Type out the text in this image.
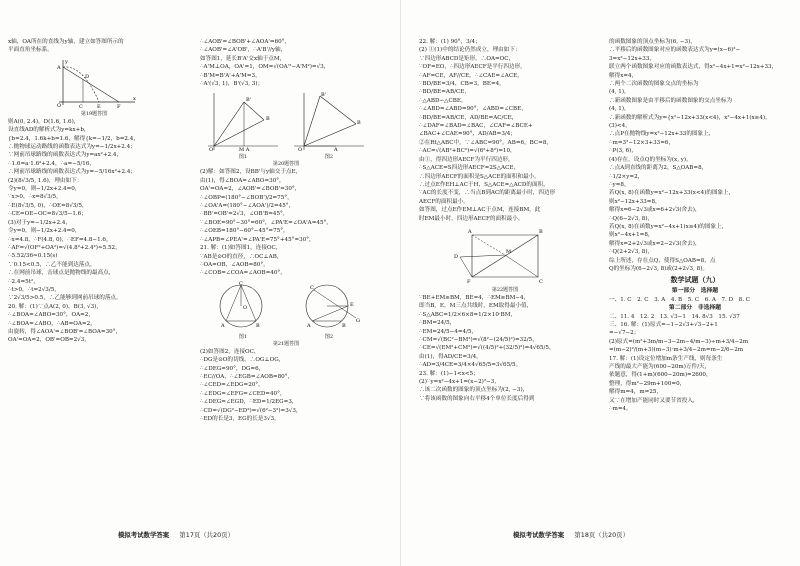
x轴，OA所在的直线为y轴，建立如答图所示的
平面直角坐标系。
A
O	C	E	F
D
y
x
第19题答图
则A(0, 2.4)，D(1.6, 1.6)，
设直线AD的解析式为y=kx+b，
{b=2.4，1.6k+b=1.6，解得{k=−1/2，b=2.4，
∴抛物球运动路线的函数表达式为y=−1/2x+2.4；
∵网前吊球路线的函数表达式为y=ax²+2.4，
∴1.6=a·1.6²+2.4，∴a=−5/16，
∴网前吊球路线的函数表达式为y=−5/16x²+2.4；
(2)(8√3/5, 1.6)，理由如下：
令y=0，则−1/2x+2.4=0，
∵x>0，∴x=8√3/5，
∴E(8√3/5, 0)，∴OE=8√3/5，
∴CE=OE−OC=8√3/5−1.6；
(3)对于y=−1/2x+2.4，
令y=0，则−1/2x+2.4=0，
∴x=4.8，∴F(4.8, 0)，∴EF=4.8−1.6，
∴AF=√(OF²+OA²)=√(4.8²+2.4²)≈5.52，
∴5.52/36≈0.15(s)
∵0.15<0.5，∴乙不能到达落点，
∴在网前吊球，击球点是抛物线的最高点，
∴2.4=5t²，
∴t>0，∴t=2√3/5，
∵2√3/5>0.5，∴乙能够到网前吊球的落点。
20. 解：(1)∵点A(2, 0)，B(3, √3)，
∴∠BOA=∠ABO=30°，OA=2，
∴∠BOA=∠ABO，∴AB=OA=2，
由旋转，得∠AOA'=∠BOB'=∠BOA=30°，
OA'=OA=2，OB'=OB=2√3，
∴∠AOB'=∠BOB'+∠AOA'=60°，
∴∠AOB'=∠A'OB'，∴A'B'//y轴，
如答图1，延长B'A'交x轴于点M，
∴A'M⊥OA，OA'=1，OM=√(OA'²−A'M²)=√3，
∴B'M=B'A'+A'M=3，
∴A'(√3, 1)，B'(√3, 3)；
B'
B
M A
O
B'
B
O	A
图1	图2
第20题答图
(2)解：如答图2，设BB'与y轴交于点E，
由(1)，得∠BOA=∠ABO=30°，
OA'=OA=2，∠AOB'=∠BOB'=30°，
∴∠OBP=(180°−∠BOB')/2=75°，
∴∠OA'A=(180°−∠AOA')/2=45°，
∴BB'=OB'=2√3，∠OB'B=45°，
∵∠BOE=90°−30°=60°，∠PA'E=∠OA'A=45°，
∴∠OEB=180°−60°−45°=75°，
∴∠APB=∠PEA'=∠PA'E=75°+45°=30°，
21. 解：(1)如答图1，连接OC，
∵AB是⊙O的直径，∴OC⊥AB，
∴OA=OB，∠AOB=80°，
∴∠COB=∠COA=∠AOB=40°，
C
A	B
O
C
A	B
E
G
图1	图2
第21题答图
(2)如答图2，连接OC，
∴DG是⊙O的切线，∴OG⊥OG，
∴∠DEG=90°，DG=6，
∴EC//OA，∴∠EGB=∠AOB=80°，
∴∠CED=∠EDG=20°，
∴∠EDG=∠EFG=∠CED=40°，
∴∠DEG=∠EGD，∴ED=1/2EG=3，
∴CD=√(DG²−ED²)=√(6²−3²)=3√3，
∴ED的长是3，EG的长是3√3。
模拟考试数学答案 第17页（共20页）
22. 解：(1) 90°，3/4；
(2) ①(1)中的结论仍然成立，理由如下：
∵四边形ABCD是矩形，∴OA=OC，
∵OF=EO，∴四边形AECF是平行四边形，
∴AF=CE，AF//CE，∴∠CAE=∠ACE，
∵BD/BE=3/4，CB=3，BE=4，
∴BD/BE=AB/CE，
∴△ABD∽△CBE，
∴∠ABD=∠ABD=90°，∠ABD=∠CBE，
∴BD/BE=AB/CE，AD/BE=AC/CE，
∴∠DAF=∠BAD=∠BAC，∠CAF=∠BCE+
∠BAC+∠CAE=90°，AD/AB=3/4；
②在Rt△ABC中，∵∠ABC=90°，AB=6，BC=8，
∴AC=√(AB²+BC²)=√(6²+8²)=10，
由①，得四边形AECF为平行四边形，
∴S△ACE=S四边形AECF=2S△ACE，
∴四边形AECF的面积是S△ACE的面积和最小。
∴过点E作EH⊥AC于H，S△ACE=△ACD的面积，
∵AC的长度不变，∴当点B到AC的距离最小时，四边形
AECF的面积最小。
如答图，过点E作EM⊥AC于点M，连接BM，此
时EM最小时，四边形AECF的面积最小。
A	B
C
F
D
M
第22题答图
∵BE+EM≥BM，BE=4，∴EM≥BM−4，
即当B，E，M三点共线时，EM取得最小值，
∴S△ABC=1/2×6×8=1/2×10·BM，
∴BM=24/5，
∴EM=24/5−4=4/5，
∴CM=√(BC²−BM²)=√(8²−(24/5)²)=32/5，
∴CE=√(EM²+CM²)=√((4/5)²+(32/5)²)=4√65/5，
由(1)，得AD/CE=3/4，
∴AD=3/4CE=3/4×4√65/5=3√65/5。
23. 解：(1)−1<x<5；
(2)∵y=x²−4x+1=(x−2)²−3，
∴该二次函数的图象的顶点坐标为(2, −3)，
∵将该函数的图象向右平移4个单位长度后得到
的函数图象的顶点坐标为(6, −3)，
∴平移后的函数图象对应的函数表达式为y=(x−6)²−
3=x²−12x+33，
联立两个函数图象对应的函数表达式，得x²−4x+1=x²−12x+33，
解得x=4，
∴两个二次函数的图象交点的坐标为
(4, 1)，
∴新函数图象是由平移后的函数图象的交点坐标为
(4, 1)，
∴新函数的解析式为y={x²−12x+33(x<4)，x²−4x+1(x≥4)，
(3)<4，
∴点P在抛物线y=x²−12x+33的图象上，
∴m=3²−12×3+33=6，
∴P(3, 6)，
(4)存在，设点Q的坐标为(x, y)，
∴点A到直线的距离为2，S△OAB=8，
∴1/2×y=2，
∴y=8，
若Q(x, 8)在函数y=x²−12x+33(x<4)的图象上，
则x²−12x+33=8，
解得x=6−2√3或x=6+2√3(舍去)，
∴Q(6−2√3, 8)，
若Q(x, 8)在函数y=x²−4x+1(x≥4)的图象上，
则x²−4x+1=8，
解得x=2+2√3或x=2−2√3(舍去)，
∴Q(2+2√3, 8)，
综上所述，存在点Q，使得S△OAB=8，点
Q的坐标为(6−2√3, 8)或(2+2√3, 8)。
数学试题（九）
第一部分　选择题
一、1. C　2. C　3. A　4. B　5. C　6. A　7. D　8. C
第二部分　非选择题
二、11. 4　12. 2　13. √3−1　14. 8√3　15. √37
三、16. 解：(1)原式=−1−2√3+√3−2+1
=−√7−2；
(2)原式=(m²+3m/m−3−2m−4/m−3)÷m+3/4−2m
=(m−2)²/(m+3)(m−3)·m+3/4−2m=m−2/6−2m
17. 解：(1)设定位增加m条生产线，则每条生
产线的最大产能为(600−20m)万件/天，
依题意，得(1+m)(600−20m)=2600，
整理，得m²−29m+100=0，
解得m=4，m=25，
又∵在增加产能同时又要节省投入，
∴m=4。
模拟考试数学答案 第18页（共20页）
